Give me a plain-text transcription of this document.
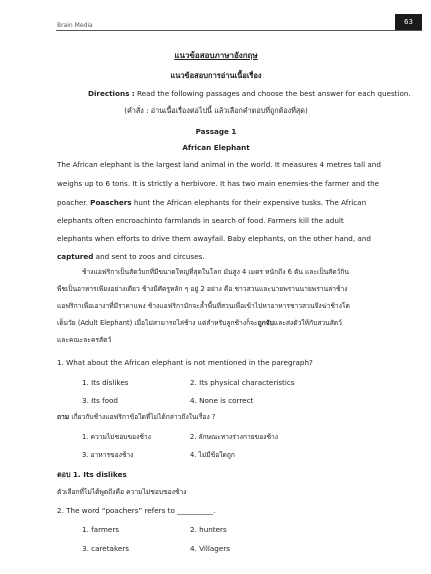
Brain Media	63
แนวข้อสอบภาษาอังกฤษ
แนวข้อสอบการอ่านเนื้อเรื่อง
Directions : Read the following passages and choose the best answer for each question.
(คำสั่ง : อ่านเนื้อเรื่องต่อไปนี้ แล้วเลือกคำตอบที่ถูกต้องที่สุด)
Passage 1
African Elephant
The African elephant is the largest land animal in the world. It measures 4 metres tall and
weighs up to 6 tons. It is strictly a herbivore. It has two main enemies-the farmer and the
poacher. Poaschers hunt the African elephants for their expensive tusks. The African
elephants often encroachinto farmlands in search of food. Farmers kill the adult
elephants when efforts to drive them awayfail. Baby elephants, on the other hand, and
captured and sent to zoos and circuses.
ช้างแอฟริกาเป็นสัตว์บกที่มีขนาดใหญ่ที่สุดในโลก มันสูง 4 เมตร หนักถึง 6 ตัน และเป็นสัตว์กิน
พืชเป็นอาหารเพียงอย่างเดียว ช้างมีศัตรูหลัก ๆ อยู่ 2 อย่าง คือ ชาวสวนและนายพรานนายพรานล่าช้าง
แอฟริกาเพื่อเอางาที่มีราคาแพง ช้างแอฟริกามักจะล้ำพื้นที่สวนเพื่อเข้าไปหาอาหารชาวสวนจึงฆ่าช้างโต
เต็มวัย (Adult Elephant) เมื่อไม่สามารถไล่ช้าง แต่สำหรับลูกช้างก็จะถูกจับและส่งตัวให้กับสวนสัตว์
และคณะละครสัตว์
1. What about the African elephant is not mentioned in the paregraph?
1. Its dislikes	2. Its physical characteristics
3. Its food	4. None is correct
ถาม เกี่ยวกับช้างแอฟริกาข้อใดที่ไม่ได้กล่าวถึงในเรื่อง ?
1. ความไม่ชอบของช้าง	2. ลักษณะทางร่างกายของช้าง
3. อาหารของช้าง	4. ไม่มีข้อใดถูก
ตอบ 1. Its dislikes
ตัวเลือกที่ไม่ได้พูดถึงคือ ความไม่ชอบของช้าง
2. The word “poachers” refers to __________.
1. farmers	2. hunters
3. caretakers	4. Villagers
